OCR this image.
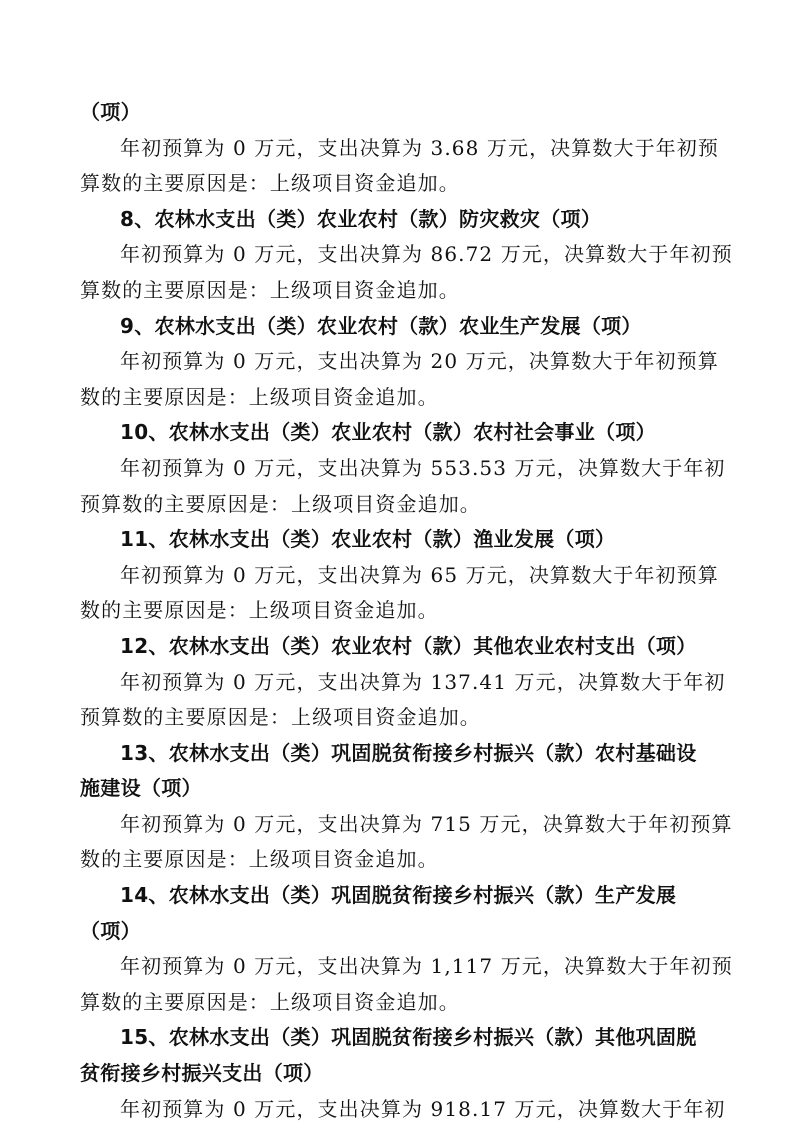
（项）
年初预算为 0 万元，支出决算为 3.68 万元，决算数大于年初预
算数的主要原因是：上级项目资金追加。
8、农林水支出（类）农业农村（款）防灾救灾（项）
年初预算为 0 万元，支出决算为 86.72 万元，决算数大于年初预
算数的主要原因是：上级项目资金追加。
9、农林水支出（类）农业农村（款）农业生产发展（项）
年初预算为 0 万元，支出决算为 20 万元，决算数大于年初预算
数的主要原因是：上级项目资金追加。
10、农林水支出（类）农业农村（款）农村社会事业（项）
年初预算为 0 万元，支出决算为 553.53 万元，决算数大于年初
预算数的主要原因是：上级项目资金追加。
11、农林水支出（类）农业农村（款）渔业发展（项）
年初预算为 0 万元，支出决算为 65 万元，决算数大于年初预算
数的主要原因是：上级项目资金追加。
12、农林水支出（类）农业农村（款）其他农业农村支出（项）
年初预算为 0 万元，支出决算为 137.41 万元，决算数大于年初
预算数的主要原因是：上级项目资金追加。
13、农林水支出（类）巩固脱贫衔接乡村振兴（款）农村基础设
施建设（项）
年初预算为 0 万元，支出决算为 715 万元，决算数大于年初预算
数的主要原因是：上级项目资金追加。
14、农林水支出（类）巩固脱贫衔接乡村振兴（款）生产发展
（项）
年初预算为 0 万元，支出决算为 1,117 万元，决算数大于年初预
算数的主要原因是：上级项目资金追加。
15、农林水支出（类）巩固脱贫衔接乡村振兴（款）其他巩固脱
贫衔接乡村振兴支出（项）
年初预算为 0 万元，支出决算为 918.17 万元，决算数大于年初
